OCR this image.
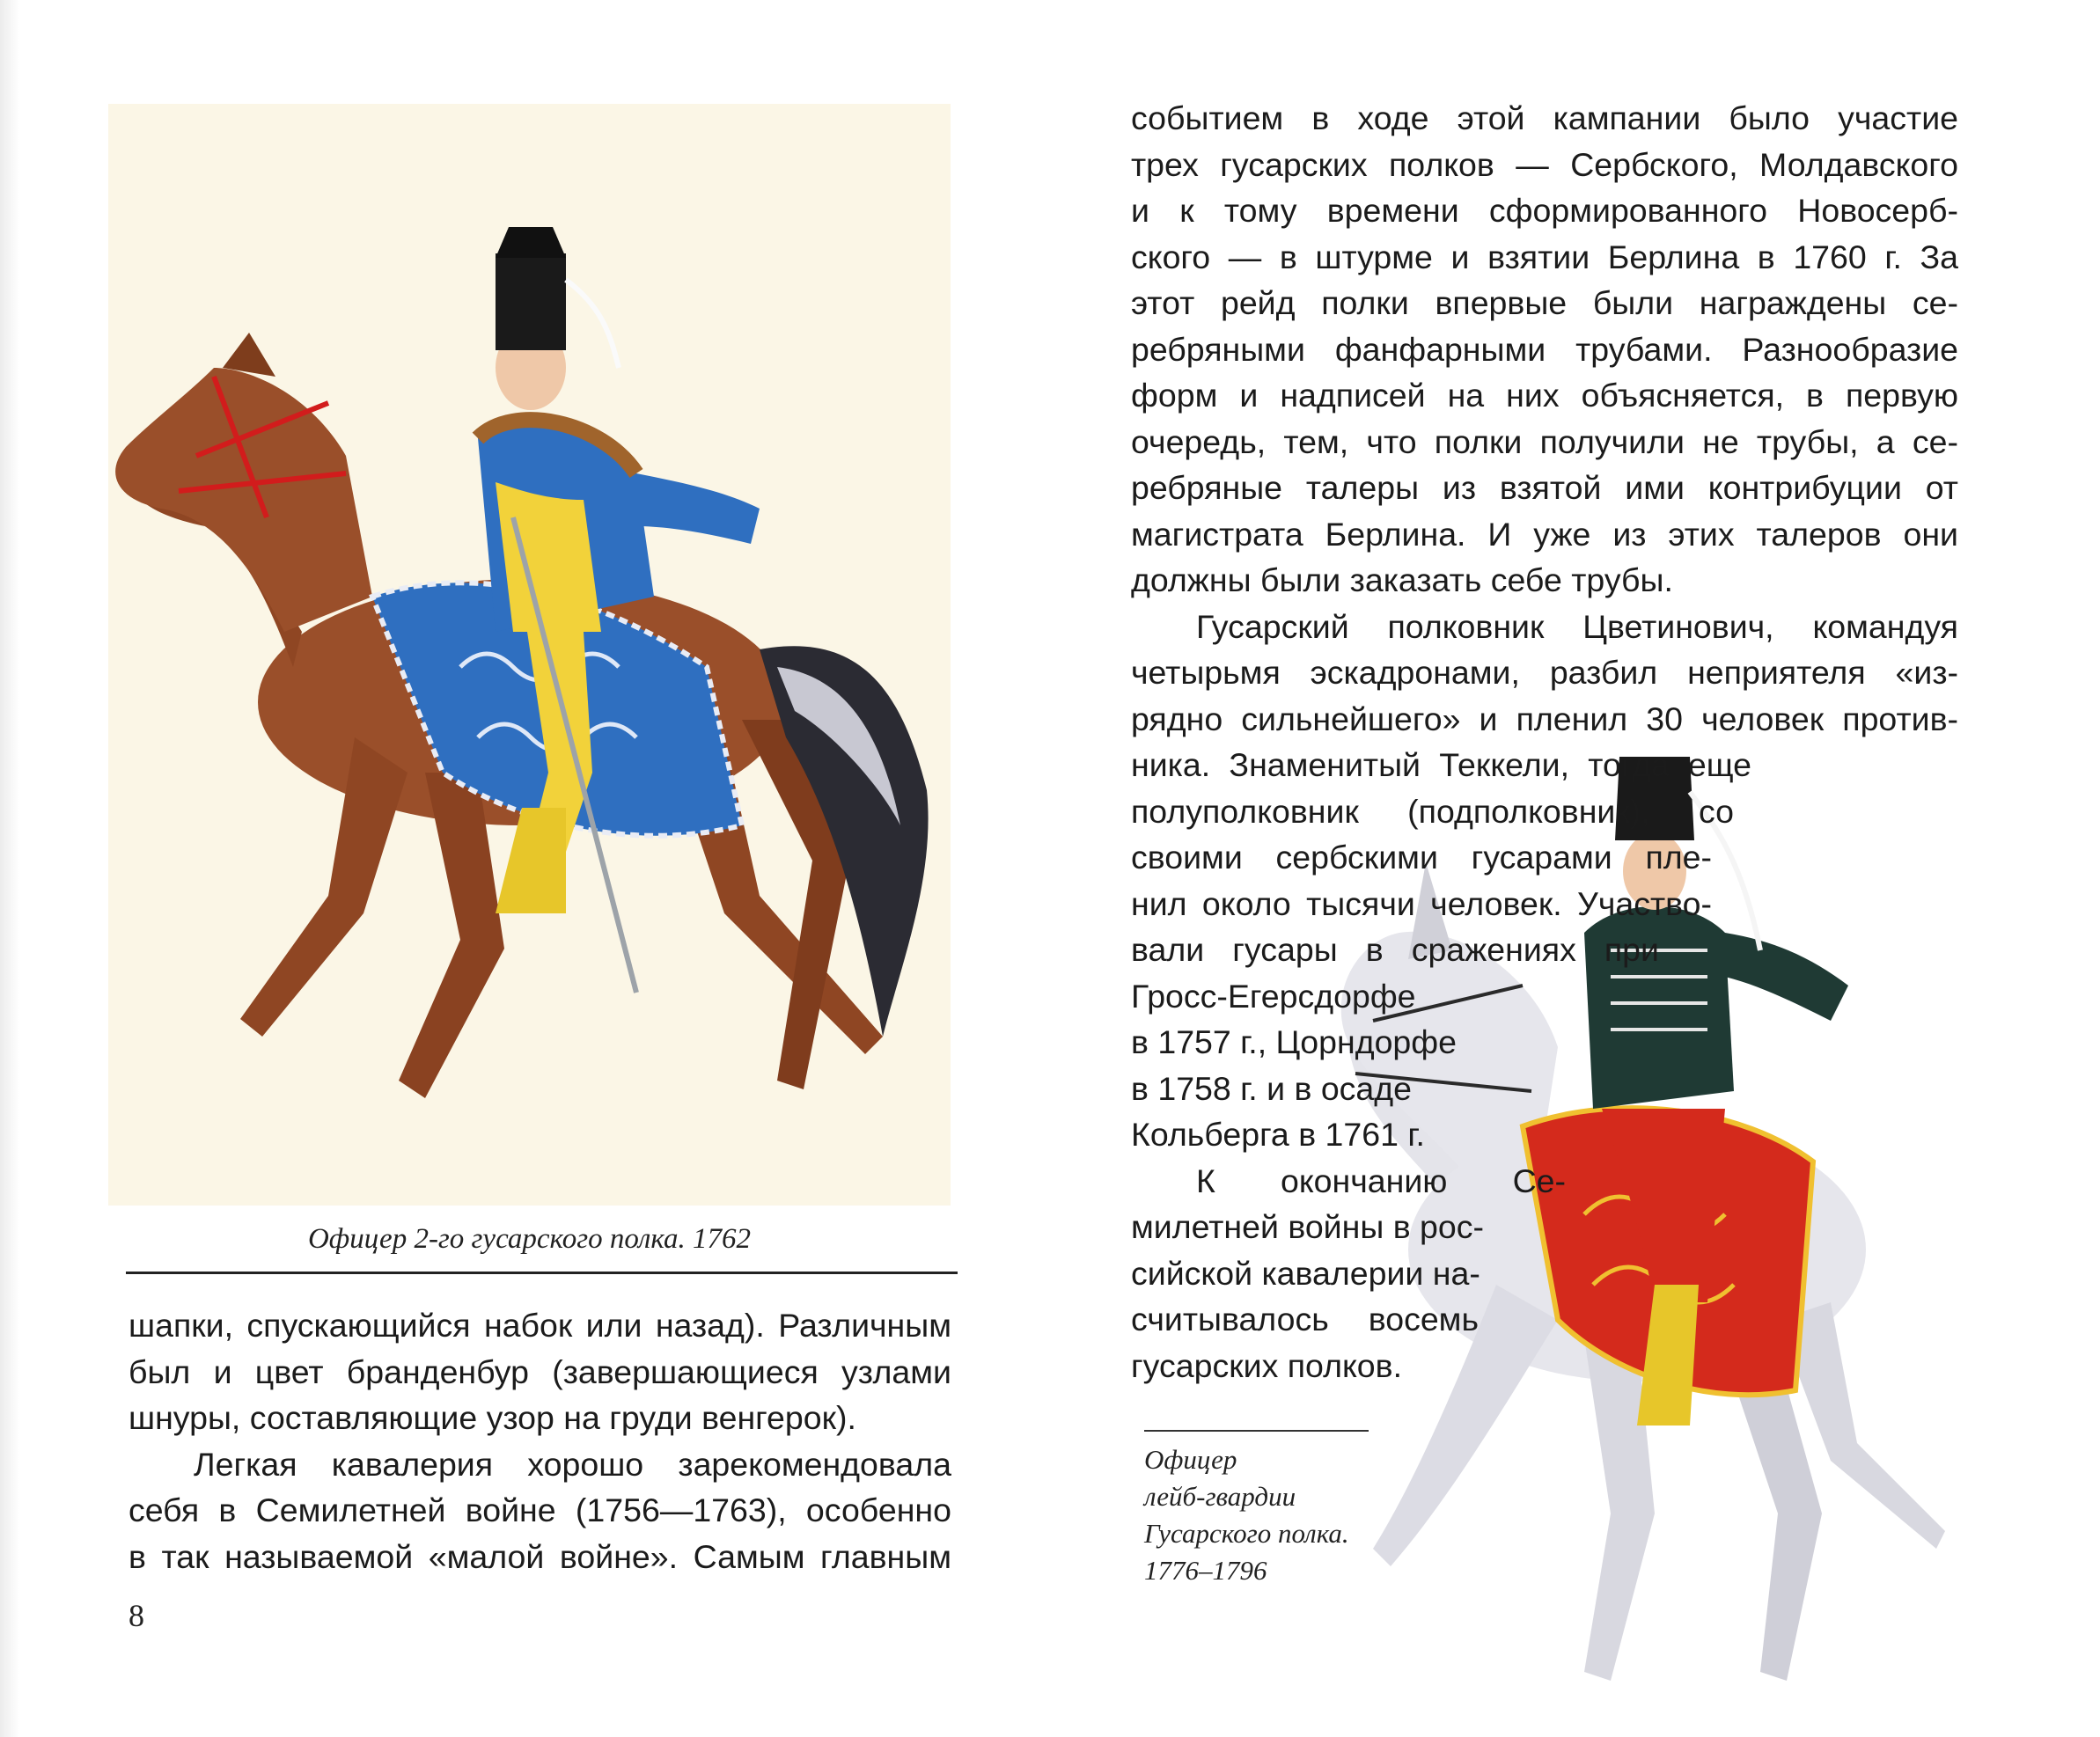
Офицер 2-го гусарского полка. 1762
шапки, спускающийся набок или назад). Различным
был и цвет бранденбур (завершающиеся узлами
шнуры, составляющие узор на груди венгерок).
Легкая кавалерия хорошо зарекомендовала
себя в Семилетней войне (1756—1763), особенно
в так называемой «малой войне». Самым главным
8
событием в ходе этой кампании было участие
трех гусарских полков — Сербского, Молдавского
и к тому времени сформированного Новосерб-
ского — в штурме и взятии Берлина в 1760 г. За
этот рейд полки впервые были награждены се-
ребряными фанфарными трубами. Разнообразие
форм и надписей на них объясняется, в первую
очередь, тем, что полки получили не трубы, а се-
ребряные талеры из взятой ими контрибуции от
магистрата Берлина. И уже из этих талеров они
должны были заказать себе трубы.
Гусарский полковник Цветинович, командуя
четырьмя эскадронами, разбил неприятеля «из-
рядно сильнейшего» и пленил 30 человек против-
ника. Знаменитый Теккели, тогда еще
полуполковник (подполковник), со
своими сербскими гусарами пле-
нил около тысячи человек. Участво-
вали гусары в сражениях при
Гросс-Егерсдорфе
в 1757 г., Цорндорфе
в 1758 г. и в осаде
Кольберга в 1761 г.
К окончанию Се-
милетней войны в рос-
сийской кавалерии на-
считывалось восемь
гусарских полков.
Офицер
лейб-гвардии
Гусарского полка.
1776–1796
